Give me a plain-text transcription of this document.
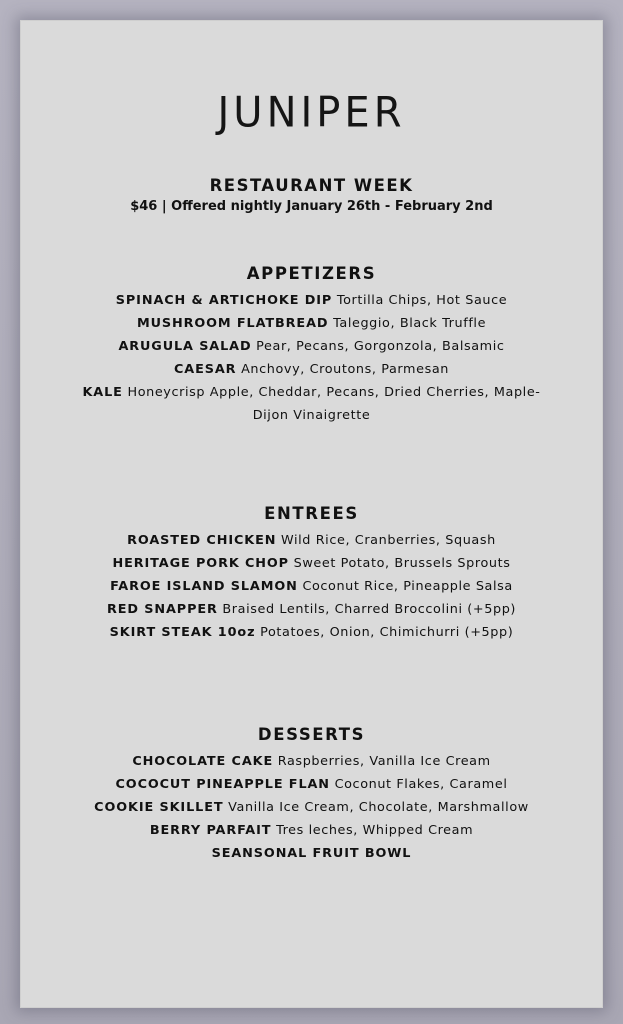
JUNIPER
RESTAURANT WEEK
$46 | Offered nightly January 26th - February 2nd
APPETIZERS
SPINACH & ARTICHOKE DIP Tortilla Chips, Hot Sauce
MUSHROOM FLATBREAD Taleggio, Black Truffle
ARUGULA SALAD Pear, Pecans, Gorgonzola, Balsamic
CAESAR Anchovy, Croutons, Parmesan
KALE Honeycrisp Apple, Cheddar, Pecans, Dried Cherries, Maple-Dijon Vinaigrette
ENTREES
ROASTED CHICKEN Wild Rice, Cranberries, Squash
HERITAGE PORK CHOP Sweet Potato, Brussels Sprouts
FAROE ISLAND SLAMON Coconut Rice, Pineapple Salsa
RED SNAPPER Braised Lentils, Charred Broccolini (+5pp)
SKIRT STEAK 10oz Potatoes, Onion, Chimichurri (+5pp)
DESSERTS
CHOCOLATE CAKE Raspberries, Vanilla Ice Cream
COCOCUT PINEAPPLE FLAN Coconut Flakes, Caramel
COOKIE SKILLET Vanilla Ice Cream, Chocolate, Marshmallow
BERRY PARFAIT Tres leches, Whipped Cream
SEANSONAL FRUIT BOWL
